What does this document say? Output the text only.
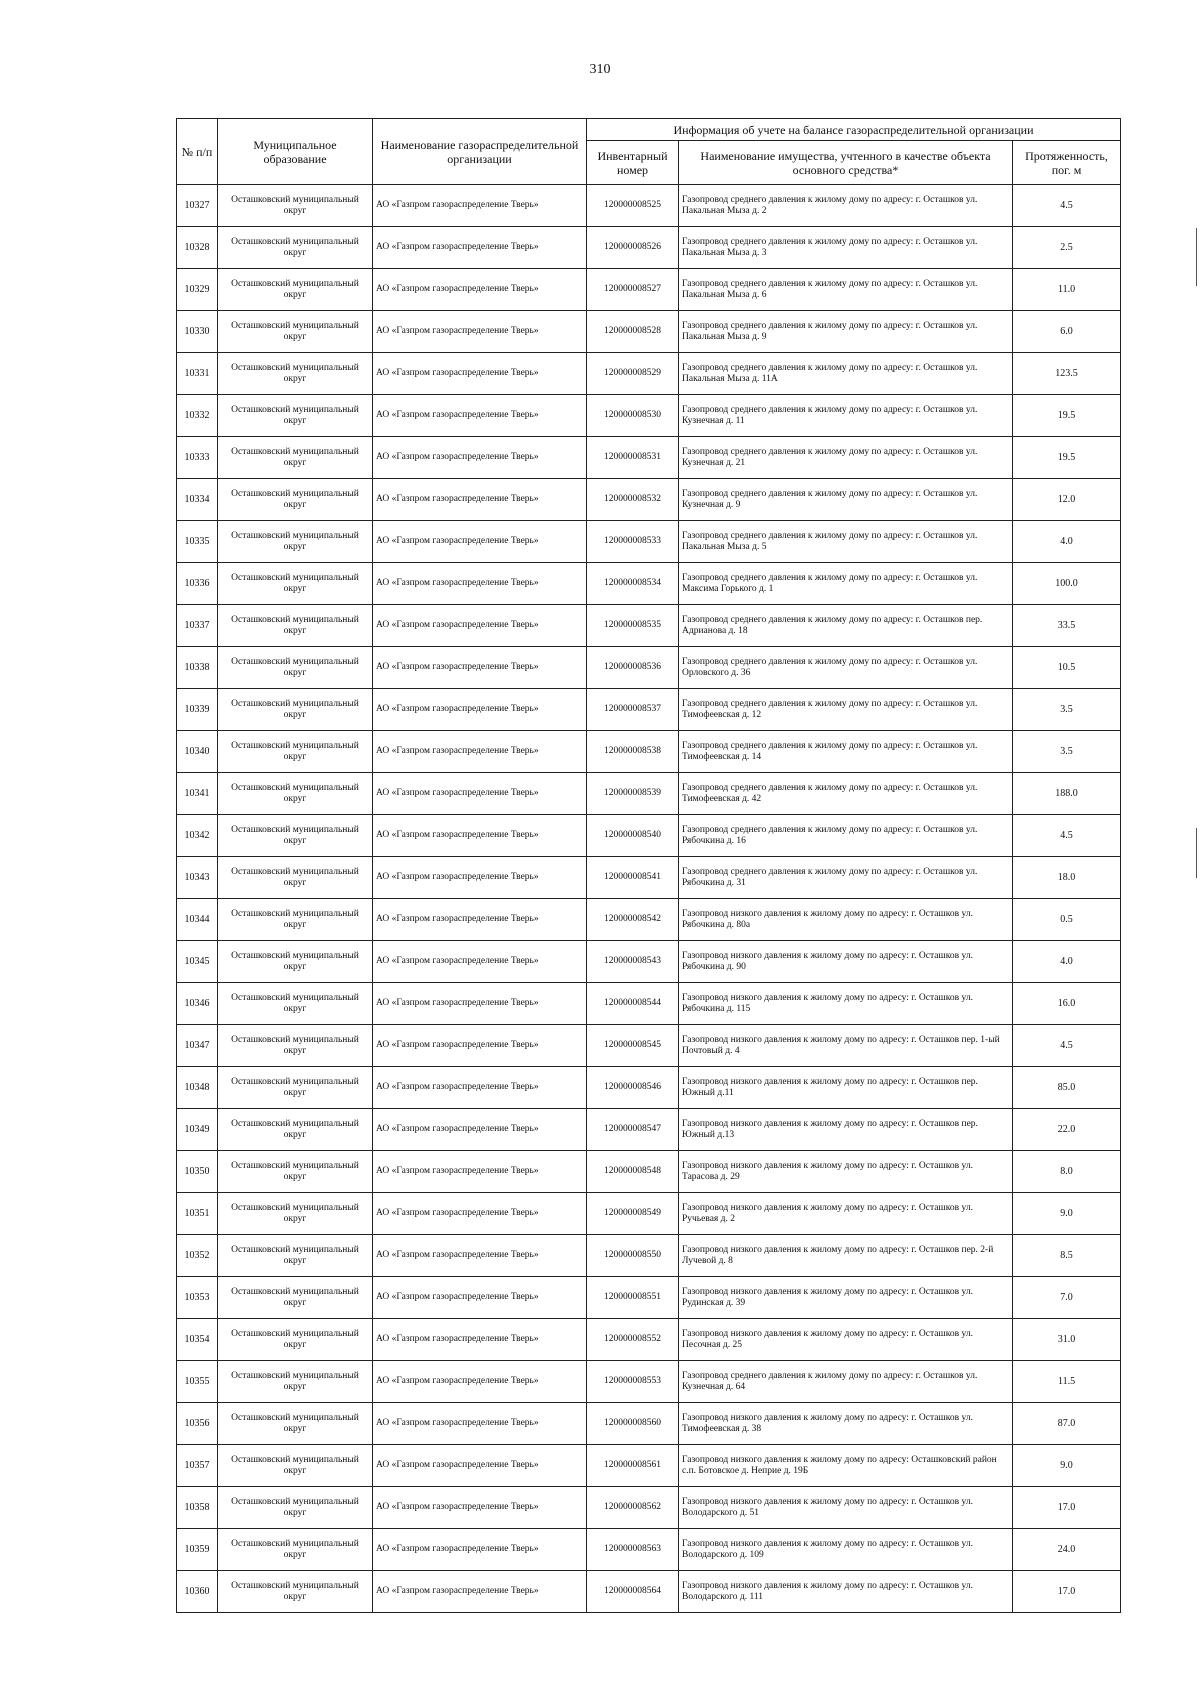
310
№ п/п	Муниципальное образование	Наименование газораспределительной организации	Информация об учете на балансе газораспределительной организации		
			Инвентарный номер	Наименование имущества, учтенного в качестве объекта основного средства*	Протяженность, пог. м
10327	Осташковский муниципальный округ	АО «Газпром газораспределение Тверь»	120000008525	Газопровод среднего давления к жилому дому по адресу: г. Осташков ул. Пакальная Мыза д. 2	4.5
10328	Осташковский муниципальный округ	АО «Газпром газораспределение Тверь»	120000008526	Газопровод среднего давления к жилому дому по адресу: г. Осташков ул. Пакальная Мыза д. 3	2.5
10329	Осташковский муниципальный округ	АО «Газпром газораспределение Тверь»	120000008527	Газопровод среднего давления к жилому дому по адресу: г. Осташков ул. Пакальная Мыза д. 6	11.0
10330	Осташковский муниципальный округ	АО «Газпром газораспределение Тверь»	120000008528	Газопровод среднего давления к жилому дому по адресу: г. Осташков ул. Пакальная Мыза д. 9	6.0
10331	Осташковский муниципальный округ	АО «Газпром газораспределение Тверь»	120000008529	Газопровод среднего давления к жилому дому по адресу: г. Осташков ул. Пакальная Мыза д. 11А	123.5
10332	Осташковский муниципальный округ	АО «Газпром газораспределение Тверь»	120000008530	Газопровод среднего давления к жилому дому по адресу: г. Осташков ул. Кузнечная д. 11	19.5
10333	Осташковский муниципальный округ	АО «Газпром газораспределение Тверь»	120000008531	Газопровод среднего давления к жилому дому по адресу: г. Осташков ул. Кузнечная д. 21	19.5
10334	Осташковский муниципальный округ	АО «Газпром газораспределение Тверь»	120000008532	Газопровод среднего давления к жилому дому по адресу: г. Осташков ул. Кузнечная д. 9	12.0
10335	Осташковский муниципальный округ	АО «Газпром газораспределение Тверь»	120000008533	Газопровод среднего давления к жилому дому по адресу: г. Осташков ул. Пакальная Мыза д. 5	4.0
10336	Осташковский муниципальный округ	АО «Газпром газораспределение Тверь»	120000008534	Газопровод среднего давления к жилому дому по адресу: г. Осташков ул. Максима Горького д. 1	100.0
10337	Осташковский муниципальный округ	АО «Газпром газораспределение Тверь»	120000008535	Газопровод среднего давления к жилому дому по адресу: г. Осташков пер. Адрианова д. 18	33.5
10338	Осташковский муниципальный округ	АО «Газпром газораспределение Тверь»	120000008536	Газопровод среднего давления к жилому дому по адресу: г. Осташков ул. Орловского д. 36	10.5
10339	Осташковский муниципальный округ	АО «Газпром газораспределение Тверь»	120000008537	Газопровод среднего давления к жилому дому по адресу: г. Осташков ул. Тимофеевская д. 12	3.5
10340	Осташковский муниципальный округ	АО «Газпром газораспределение Тверь»	120000008538	Газопровод среднего давления к жилому дому по адресу: г. Осташков ул. Тимофеевская д. 14	3.5
10341	Осташковский муниципальный округ	АО «Газпром газораспределение Тверь»	120000008539	Газопровод среднего давления к жилому дому по адресу: г. Осташков ул. Тимофеевская д. 42	188.0
10342	Осташковский муниципальный округ	АО «Газпром газораспределение Тверь»	120000008540	Газопровод среднего давления к жилому дому по адресу: г. Осташков ул. Рябочкина д. 16	4.5
10343	Осташковский муниципальный округ	АО «Газпром газораспределение Тверь»	120000008541	Газопровод среднего давления к жилому дому по адресу: г. Осташков ул. Рябочкина д. 31	18.0
10344	Осташковский муниципальный округ	АО «Газпром газораспределение Тверь»	120000008542	Газопровод низкого давления к жилому дому по адресу: г. Осташков ул. Рябочкина д. 80а	0.5
10345	Осташковский муниципальный округ	АО «Газпром газораспределение Тверь»	120000008543	Газопровод низкого давления к жилому дому по адресу: г. Осташков ул. Рябочкина д. 90	4.0
10346	Осташковский муниципальный округ	АО «Газпром газораспределение Тверь»	120000008544	Газопровод низкого давления к жилому дому по адресу: г. Осташков ул. Рябочкина д. 115	16.0
10347	Осташковский муниципальный округ	АО «Газпром газораспределение Тверь»	120000008545	Газопровод низкого давления к жилому дому по адресу: г. Осташков пер. 1-ый Почтовый д. 4	4.5
10348	Осташковский муниципальный округ	АО «Газпром газораспределение Тверь»	120000008546	Газопровод низкого давления к жилому дому по адресу: г. Осташков пер. Южный д.11	85.0
10349	Осташковский муниципальный округ	АО «Газпром газораспределение Тверь»	120000008547	Газопровод низкого давления к жилому дому по адресу: г. Осташков пер. Южный д.13	22.0
10350	Осташковский муниципальный округ	АО «Газпром газораспределение Тверь»	120000008548	Газопровод низкого давления к жилому дому по адресу: г. Осташков ул. Тарасова д. 29	8.0
10351	Осташковский муниципальный округ	АО «Газпром газораспределение Тверь»	120000008549	Газопровод низкого давления к жилому дому по адресу: г. Осташков ул. Ручьевая д. 2	9.0
10352	Осташковский муниципальный округ	АО «Газпром газораспределение Тверь»	120000008550	Газопровод низкого давления к жилому дому по адресу: г. Осташков пер. 2-й Лучевой д. 8	8.5
10353	Осташковский муниципальный округ	АО «Газпром газораспределение Тверь»	120000008551	Газопровод низкого давления к жилому дому по адресу: г. Осташков ул. Рудинская д. 39	7.0
10354	Осташковский муниципальный округ	АО «Газпром газораспределение Тверь»	120000008552	Газопровод низкого давления к жилому дому по адресу: г. Осташков ул. Песочная д. 25	31.0
10355	Осташковский муниципальный округ	АО «Газпром газораспределение Тверь»	120000008553	Газопровод среднего давления к жилому дому по адресу: г. Осташков ул. Кузнечная д. 64	11.5
10356	Осташковский муниципальный округ	АО «Газпром газораспределение Тверь»	120000008560	Газопровод низкого давления к жилому дому по адресу: г. Осташков ул. Тимофеевская д. 38	87.0
10357	Осташковский муниципальный округ	АО «Газпром газораспределение Тверь»	120000008561	Газопровод низкого давления к жилому дому по адресу: Осташковский район с.п. Ботовское д. Неприе д. 19Б	9.0
10358	Осташковский муниципальный округ	АО «Газпром газораспределение Тверь»	120000008562	Газопровод низкого давления к жилому дому по адресу: г. Осташков ул. Володарского д. 51	17.0
10359	Осташковский муниципальный округ	АО «Газпром газораспределение Тверь»	120000008563	Газопровод низкого давления к жилому дому по адресу: г. Осташков ул. Володарского д. 109	24.0
10360	Осташковский муниципальный округ	АО «Газпром газораспределение Тверь»	120000008564	Газопровод низкого давления к жилому дому по адресу: г. Осташков ул. Володарского д. 111	17.0
